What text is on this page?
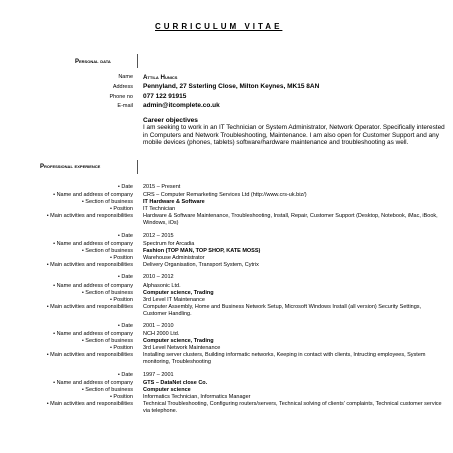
CURRICULUM VITAE
Personal data
Name Attila Hunics
Address Pennyland, 27 Ssterling Close, Milton Keynes, MK15 8AN
Phone no 077 122 91915
E-mail admin@itcomplete.co.uk
Career objectives
I am seeking to work in an IT Technician or System Administrator, Network Operator. Specifically interested in Computers and Network Troubleshooting, Maintenance. I am also open for Customer Support and any mobile devices (phones, tablets) software/hardware maintenance and troubleshooting as well.
Professional experience
• Date 2015 – Present
• Name and address of company CRS – Computer Remarketing Services Ltd (http://www.crs-uk.biz/)
• Section of business IT Hardware & Software
• Position IT Technician
• Main activities and responsibilities Hardware & Software Maintenance, Troubleshooting, Install, Repair, Customer Support (Desktop, Notebook, iMac, iBook, Windows, iOs)
• Date 2012 – 2015
• Name and address of company Spectrum for Arcadia
• Section of business Fashion (TOP MAN, TOP SHOP, KATE MOSS)
• Position Warehouse Administrator
• Main activities and responsibilities Delivery Organisation, Transport System, Cytrix
• Date 2010 – 2012
• Name and address of company Alphasonic Ltd.
• Section of business Computer science, Trading
• Position 3rd Level IT Maintenance
• Main activities and responsibilities Computer Assembly, Home and Business Network Setup, Microsoft Windows Install (all version) Security Settings, Customer Handling.
• Date 2001 – 2010
• Name and address of company NCH 2000 Ltd.
• Section of business Computer science, Trading
• Position 3rd Level Network Maintenance
• Main activities and responsibilities Installing server clusters, Building informatic networks, Keeping in contact with clients, Intructing employees, System monitoring, Troubleshooting
• Date 1997 – 2001
• Name and address of company GTS – DataNet close Co.
• Section of business Computer science
• Position Informatics Technician, Informatics Manager
• Main activities and responsibilities Technical Troubleshooting, Configuring routers/servers, Technical solving of clients' complaints, Technical customer service via telephone.
